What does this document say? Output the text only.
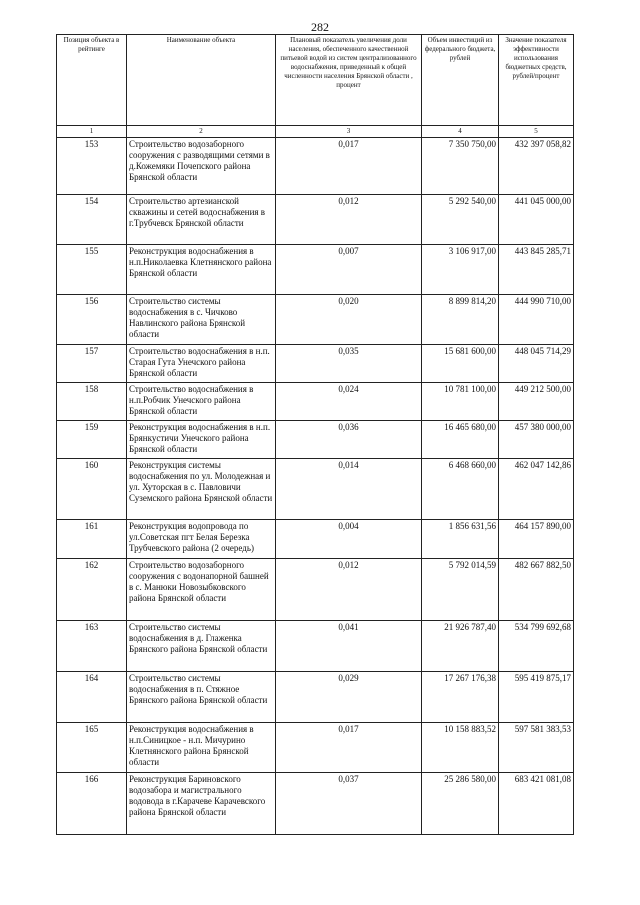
282
Позиция объекта в рейтинге	Наименование объекта	Плановый показатель увеличения доли населения, обеспеченного качественной питьевой водой из систем централизованного водоснабжения, приведенный к общей численности населения Брянской области , процент	Объем инвестиций из федерального бюджета, рублей	Значение показателя эффективности использования бюджетных средств, рублей/процент
1	2	3	4	5
153	Строительство водозаборного сооружения с разводящими сетями в д.Кожемяки Почепского района Брянской области	0,017	7 350 750,00	432 397 058,82
154	Строительство артезианской скважины и сетей водоснабжения в г.Трубчевск Брянской области	0,012	5 292 540,00	441 045 000,00
155	Реконструкция водоснабжения в н.п.Николаевка Клетнянского района Брянской области	0,007	3 106 917,00	443 845 285,71
156	Строительство системы водоснабжения в с. Чичково Навлинского района Брянской области	0,020	8 899 814,20	444 990 710,00
157	Строительство водоснабжения в н.п. Старая Гута Унечского района Брянской области	0,035	15 681 600,00	448 045 714,29
158	Строительство водоснабжения в н.п.Робчик Унечского района Брянской области	0,024	10 781 100,00	449 212 500,00
159	Реконструкция водоснабжения в н.п. Брянкустичи Унечского района Брянской области	0,036	16 465 680,00	457 380 000,00
160	Реконструкция системы водоснабжения по ул. Молодежная и ул. Хуторская в с. Павловичи Суземского района Брянской области	0,014	6 468 660,00	462 047 142,86
161	Реконструкция водопровода по ул.Советская пгт Белая Березка Трубчевского района (2 очередь)	0,004	1 856 631,56	464 157 890,00
162	Строительство водозаборного сооружения с водонапорной башней в с. Манюки Новозыбковского района Брянской области	0,012	5 792 014,59	482 667 882,50
163	Строительство системы водоснабжения в д. Глаженка Брянского района Брянской области	0,041	21 926 787,40	534 799 692,68
164	Строительство системы водоснабжения в п. Стяжное Брянского района Брянской области	0,029	17 267 176,38	595 419 875,17
165	Реконструкция водоснабжения в н.п.Синицкое - н.п. Мичурино Клетнянского района Брянской области	0,017	10 158 883,52	597 581 383,53
166	Реконструкция Бариновского водозабора и магистрального водовода в г.Карачеве Карачевского района Брянской области	0,037	25 286 580,00	683 421 081,08
